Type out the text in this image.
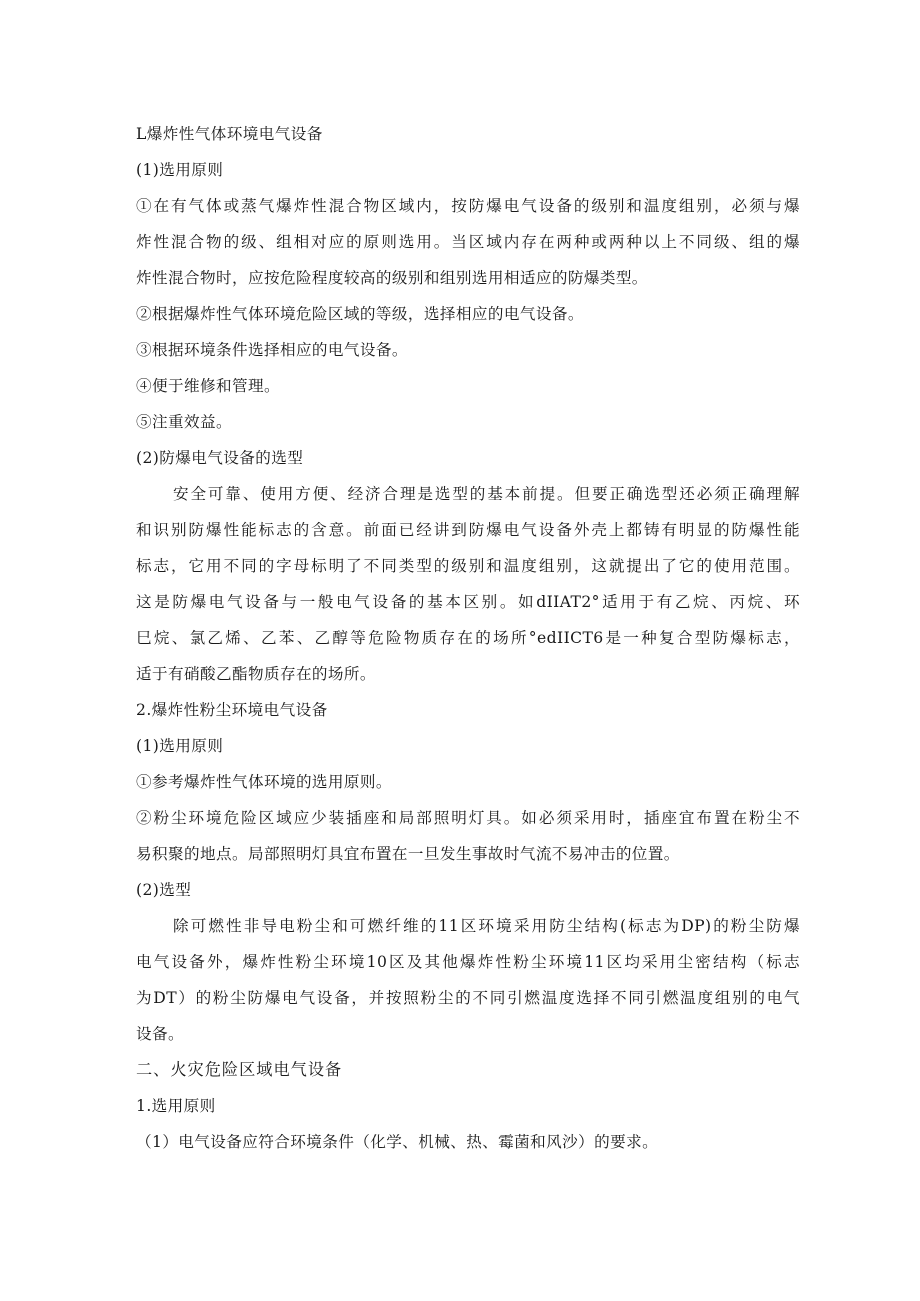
L爆炸性气体环境电气设备

(1)选用原则

①在有气体或蒸气爆炸性混合物区域内，按防爆电气设备的级别和温度组别，必须与爆

炸性混合物的级、组相对应的原则选用。当区域内存在两种或两种以上不同级、组的爆

炸性混合物时，应按危险程度较高的级别和组别选用相适应的防爆类型。

②根据爆炸性气体环境危险区域的等级，选择相应的电气设备。

③根据环境条件选择相应的电气设备。

④便于维修和管理。

⑤注重效益。

(2)防爆电气设备的选型

安全可靠、使用方便、经济合理是选型的基本前提。但要正确选型还必须正确理解

和识别防爆性能标志的含意。前面已经讲到防爆电气设备外壳上都铸有明显的防爆性能

标志，它用不同的字母标明了不同类型的级别和温度组别，这就提出了它的使用范围。

这是防爆电气设备与一般电气设备的基本区别。如dIIAT2°适用于有乙烷、丙烷、环

巳烷、氯乙烯、乙苯、乙醇等危险物质存在的场所°edIICT6是一种复合型防爆标志，

适于有硝酸乙酯物质存在的场所。

2.爆炸性粉尘环境电气设备

(1)选用原则

①参考爆炸性气体环境的选用原则。

②粉尘环境危险区域应少装插座和局部照明灯具。如必须采用时，插座宜布置在粉尘不

易积聚的地点。局部照明灯具宜布置在一旦发生事故时气流不易冲击的位置。

(2)选型

除可燃性非导电粉尘和可燃纤维的11区环境采用防尘结构(标志为DP)的粉尘防爆

电气设备外，爆炸性粉尘环境10区及其他爆炸性粉尘环境11区均采用尘密结构（标志

为DT）的粉尘防爆电气设备，并按照粉尘的不同引燃温度选择不同引燃温度组别的电气

设备。

二、火灾危险区域电气设备

1.选用原则

（1）电气设备应符合环境条件（化学、机械、热、霉菌和风沙）的要求。
